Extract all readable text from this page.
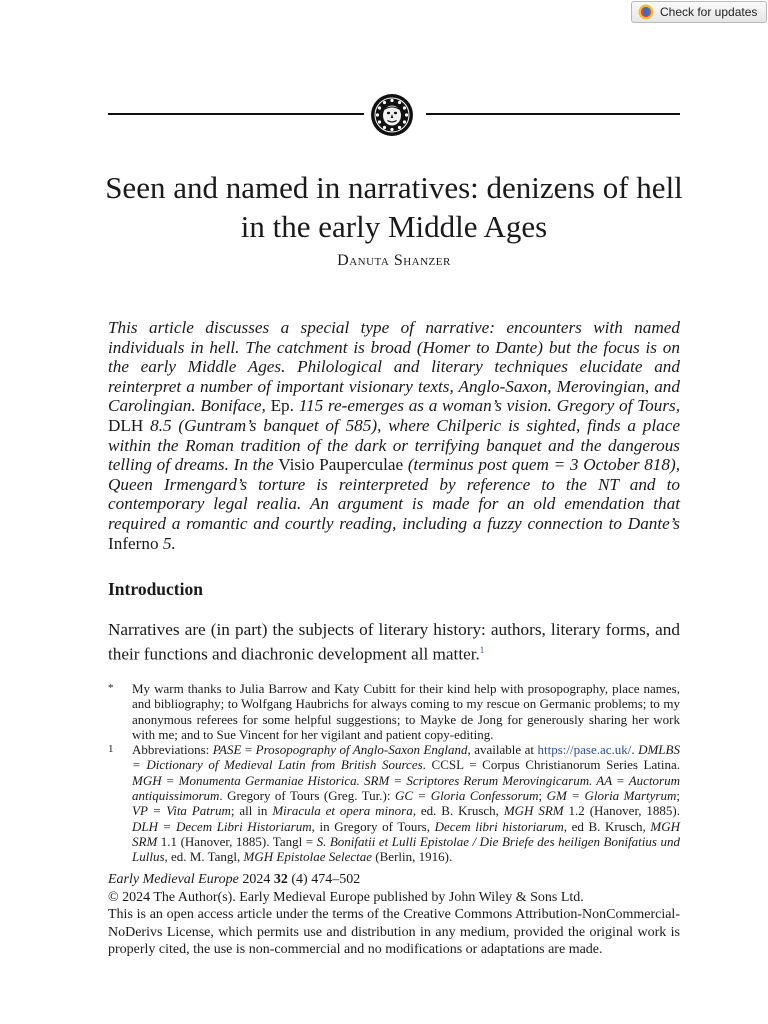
Check for updates
Seen and named in narratives: denizens of hell in the early Middle Ages
Danuta Shanzer

This article discusses a special type of narrative: encounters with named individuals in hell. The catchment is broad (Homer to Dante) but the focus is on the early Middle Ages. Philological and literary techniques elucidate and reinterpret a number of important visionary texts, Anglo-Saxon, Merovingian, and Carolingian. Boniface, Ep. 115 re-emerges as a woman’s vision. Gregory of Tours, DLH 8.5 (Guntram’s banquet of 585), where Chilperic is sighted, finds a place within the Roman tradition of the dark or terrifying banquet and the dangerous telling of dreams. In the Visio Pauperculae (terminus post quem = 3 October 818), Queen Irmengard’s torture is reinterpreted by reference to the NT and to contemporary legal realia. An argument is made for an old emendation that required a romantic and courtly reading, including a fuzzy connection to Dante’s Inferno 5.

Introduction

Narratives are (in part) the subjects of literary history: authors, literary forms, and their functions and diachronic development all matter.$^1$

*	My warm thanks to Julia Barrow and Katy Cubitt for their kind help with prosopography, place names, and bibliography; to Wolfgang Haubrichs for always coming to my rescue on Germanic problems; to my anonymous referees for some helpful suggestions; to Mayke de Jong for generously sharing her work with me; and to Sue Vincent for her vigilant and patient copy-editing.

1	Abbreviations: PASE = Prosopography of Anglo-Saxon England, available at https://pase.ac.uk/. DMLBS = Dictionary of Medieval Latin from British Sources. CCSL = Corpus Christianorum Series Latina. MGH = Monumenta Germaniae Historica. SRM = Scriptores Rerum Merovingicarum. AA = Auctorum antiquissimorum. Gregory of Tours (Greg. Tur.): GC = Gloria Confessorum; GM = Gloria Martyrum; VP = Vita Patrum; all in Miracula et opera minora, ed. B. Krusch, MGH SRM 1.2 (Hanover, 1885). DLH = Decem Libri Historiarum, in Gregory of Tours, Decem libri historiarum, ed B. Krusch, MGH SRM 1.1 (Hanover, 1885). Tangl = S. Bonifatii et Lulli Epistolae / Die Briefe des heiligen Bonifatius und Lullus, ed. M. Tangl, MGH Epistolae Selectae (Berlin, 1916).

Early Medieval Europe 2024 32 (4) 474–502

© 2024 The Author(s). Early Medieval Europe published by John Wiley & Sons Ltd.

This is an open access article under the terms of the Creative Commons Attribution-NonCommercial-NoDerivs License, which permits use and distribution in any medium, provided the original work is properly cited, the use is non-commercial and no modifications or adaptations are made.
